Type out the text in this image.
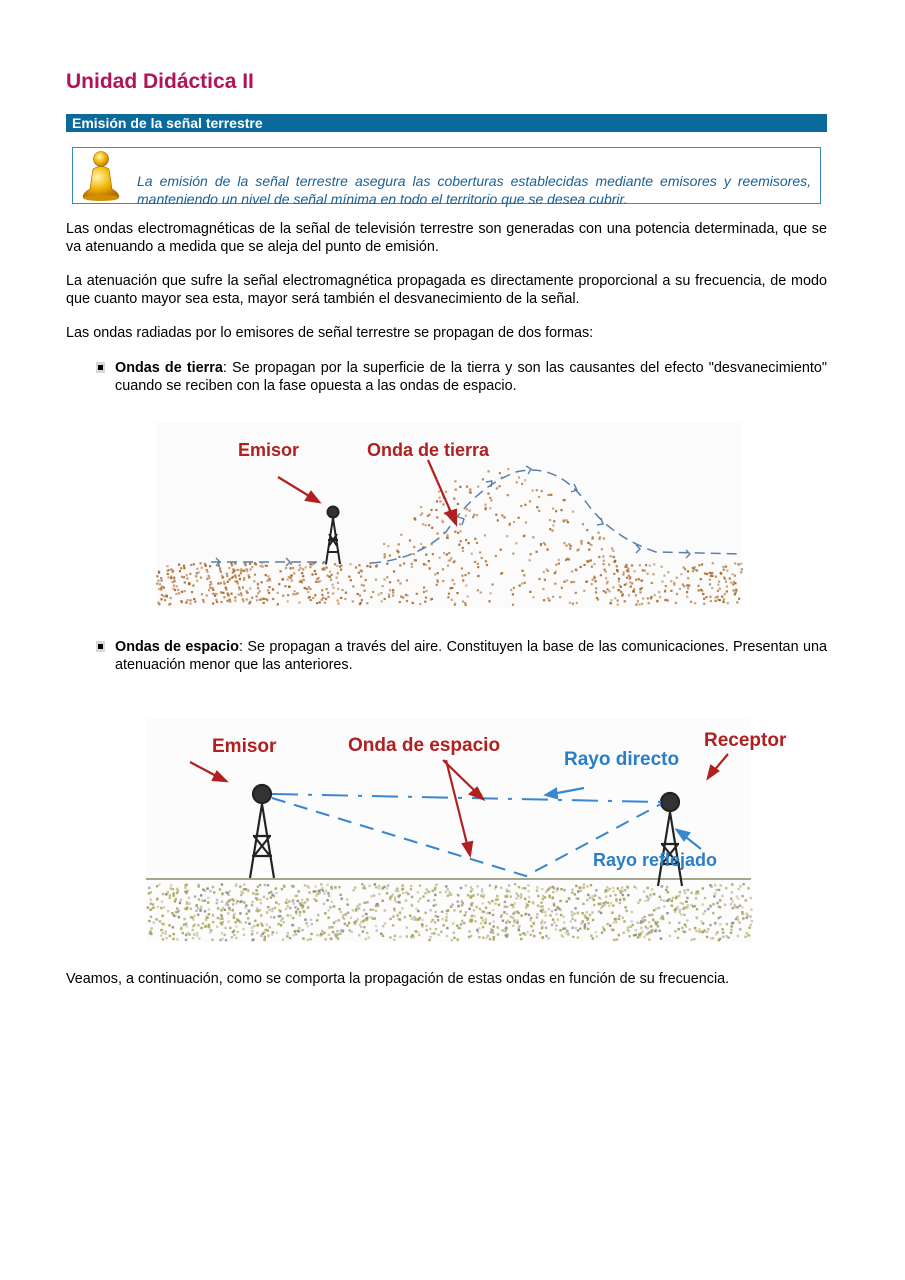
Unidad Didáctica II
Emisión de la señal terrestre

La emisión de la señal terrestre asegura las coberturas establecidas mediante emisores y reemisores, manteniendo un nivel de señal mínima en todo el territorio que se desea cubrir.

Las ondas electromagnéticas de la señal de televisión terrestre son generadas con una potencia determinada, que se va atenuando a medida que se aleja del punto de emisión.

La atenuación que sufre la señal electromagnética propagada es directamente proporcional a su frecuencia, de modo que cuanto mayor sea esta, mayor será también el desvanecimiento de la señal.

Las ondas radiadas por lo emisores de señal terrestre se propagan de dos formas:

Ondas de tierra: Se propagan por la superficie de la tierra y son las causantes del efecto "desvanecimiento" cuando se reciben con la fase opuesta a las ondas de espacio.

Emisor	Onda de tierra

Ondas de espacio: Se propagan a través del aire. Constituyen la base de las comunicaciones. Presentan una atenuación menor que las anteriores.

Emisor	Onda de espacio
Rayo directo
Receptor
Rayo reflejado

Veamos, a continuación, como se comporta la propagación de estas ondas en función de su frecuencia.
